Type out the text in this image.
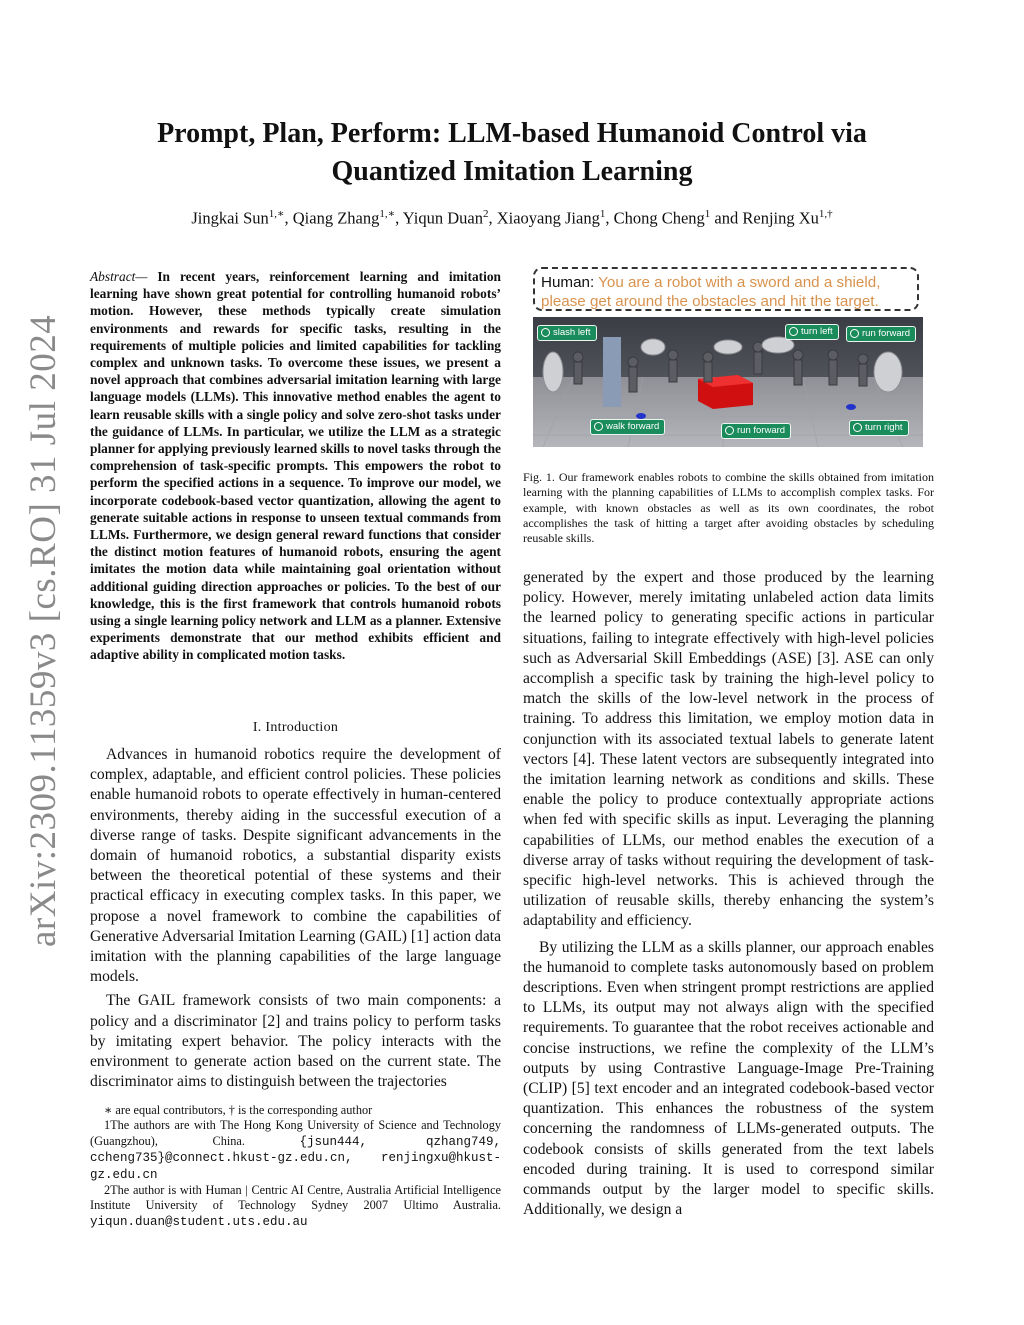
arXiv:2309.11359v3 [cs.RO] 31 Jul 2024
Prompt, Plan, Perform: LLM-based Humanoid Control via Quantized Imitation Learning
Jingkai Sun$^{1,∗}$, Qiang Zhang$^{1,∗}$, Yiqun Duan$^2$, Xiaoyang Jiang$^1$, Chong Cheng$^1$ and Renjing $Xu^{1,\dagger}$
Abstract— In recent years, reinforcement learning and imitation learning have shown great potential for controlling humanoid robots’ motion. However, these methods typically create simulation environments and rewards for specific tasks, resulting in the requirements of multiple policies and limited capabilities for tackling complex and unknown tasks. To overcome these issues, we present a novel approach that combines adversarial imitation learning with large language models (LLMs). This innovative method enables the agent to learn reusable skills with a single policy and solve zero-shot tasks under the guidance of LLMs. In particular, we utilize the LLM as a strategic planner for applying previously learned skills to novel tasks through the comprehension of task-specific prompts. This empowers the robot to perform the specified actions in a sequence. To improve our model, we incorporate codebook-based vector quantization, allowing the agent to generate suitable actions in response to unseen textual commands from LLMs. Furthermore, we design general reward functions that consider the distinct motion features of humanoid robots, ensuring the agent imitates the motion data while maintaining goal orientation without additional guiding direction approaches or policies. To the best of our knowledge, this is the first framework that controls humanoid robots using a single learning policy network and LLM as a planner. Extensive experiments demonstrate that our method exhibits efficient and adaptive ability in complicated motion tasks.
I. Introduction

Advances in humanoid robotics require the development of complex, adaptable, and efficient control policies. These policies enable humanoid robots to operate effectively in human-centered environments, thereby aiding in the successful execution of a diverse range of tasks. Despite significant advancements in the domain of humanoid robotics, a substantial disparity exists between the theoretical potential of these systems and their practical efficacy in executing complex tasks. In this paper, we propose a novel framework to combine the capabilities of Generative Adversarial Imitation Learning (GAIL) [1] action data imitation with the planning capabilities of the large language models.

The GAIL framework consists of two main components: a policy and a discriminator [2] and trains policy to perform tasks by imitating expert behavior. The policy interacts with the environment to generate action based on the current state. The discriminator aims to distinguish between the trajectories

∗ are equal contributors, † is the corresponding author

1The authors are with The Hong Kong University of Science and Technology (Guangzhou), China.	{jsun444, qzhang749, ccheng735}@connect.hkust-gz.edu.cn, renjingxu@hkust-gz.edu.cn

2The author is with Human | Centric AI Centre, Australia Artificial Intelligence Institute University of Technology Sydney 2007 Ultimo Australia. yiqun.duan@student.uts.edu.au

Human: You are a robot with a sword and a shield, please get around the obstacles and hit the target.
slash left	turn left	run forward
walk forward	run forward	turn right
Fig. 1. Our framework enables robots to combine the skills obtained from imitation learning with the planning capabilities of LLMs to accomplish complex tasks. For example, with known obstacles as well as its own coordinates, the robot accomplishes the task of hitting a target after avoiding obstacles by scheduling reusable skills.

generated by the expert and those produced by the learning policy. However, merely imitating unlabeled action data limits the learned policy to generating specific actions in particular situations, failing to integrate effectively with high-level policies such as Adversarial Skill Embeddings (ASE) [3]. ASE can only accomplish a specific task by training the high-level policy to match the skills of the low-level network in the process of training. To address this limitation, we employ motion data in conjunction with its associated textual labels to generate latent vectors [4]. These latent vectors are subsequently integrated into the imitation learning network as conditions and skills. These enable the policy to produce contextually appropriate actions when fed with specific skills as input. Leveraging the planning capabilities of LLMs, our method enables the execution of a diverse array of tasks without requiring the development of task-specific high-level networks. This is achieved through the utilization of reusable skills, thereby enhancing the system’s adaptability and efficiency.

By utilizing the LLM as a skills planner, our approach enables the humanoid to complete tasks autonomously based on problem descriptions. Even when stringent prompt restrictions are applied to LLMs, its output may not always align with the specified requirements. To guarantee that the robot receives actionable and concise instructions, we refine the complexity of the LLM’s outputs by using Contrastive Language-Image Pre-Training (CLIP) [5] text encoder and an integrated codebook-based vector quantization. This enhances the robustness of the system concerning the randomness of LLMs-generated outputs. The codebook consists of skills generated from the text labels encoded during training. It is used to correspond similar commands output by the larger model to specific skills. Additionally, we design a
